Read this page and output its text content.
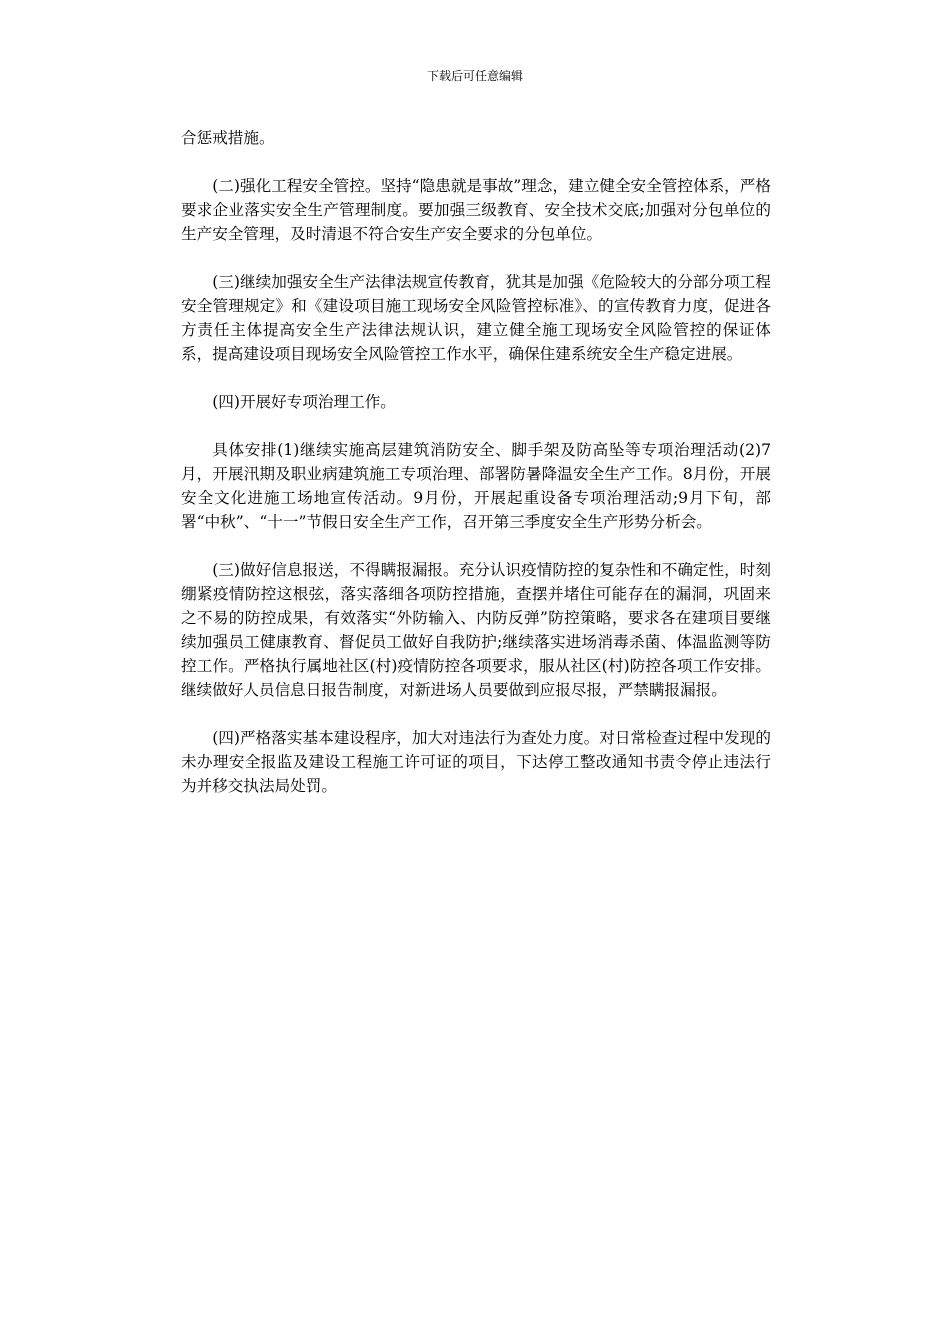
下载后可任意编辑

合惩戒措施。

(二)强化工程安全管控。坚持“隐患就是事故”理念，建立健全安全管控体系，严格要求企业落实安全生产管理制度。要加强三级教育、安全技术交底;加强对分包单位的生产安全管理，及时清退不符合安生产安全要求的分包单位。

(三)继续加强安全生产法律法规宣传教育，犹其是加强《危险较大的分部分项工程安全管理规定》和《建设项目施工现场安全风险管控标准》、的宣传教育力度，促进各方责任主体提高安全生产法律法规认识，建立健全施工现场安全风险管控的保证体系，提高建设项目现场安全风险管控工作水平，确保住建系统安全生产稳定进展。

(四)开展好专项治理工作。

具体安排(1)继续实施高层建筑消防安全、脚手架及防高坠等专项治理活动(2)7月，开展汛期及职业病建筑施工专项治理、部署防暑降温安全生产工作。8月份，开展安全文化进施工场地宣传活动。9月份，开展起重设备专项治理活动;9月下旬，部署“中秋”、“十一”节假日安全生产工作，召开第三季度安全生产形势分析会。

(三)做好信息报送，不得瞒报漏报。充分认识疫情防控的复杂性和不确定性，时刻绷紧疫情防控这根弦，落实落细各项防控措施，查摆并堵住可能存在的漏洞，巩固来之不易的防控成果，有效落实“外防输入、内防反弹”防控策略，要求各在建项目要继续加强员工健康教育、督促员工做好自我防护;继续落实进场消毒杀菌、体温监测等防控工作。严格执行属地社区(村)疫情防控各项要求，服从社区(村)防控各项工作安排。继续做好人员信息日报告制度，对新进场人员要做到应报尽报，严禁瞒报漏报。

(四)严格落实基本建设程序，加大对违法行为查处力度。对日常检查过程中发现的未办理安全报监及建设工程施工许可证的项目，下达停工整改通知书责令停止违法行为并移交执法局处罚。
